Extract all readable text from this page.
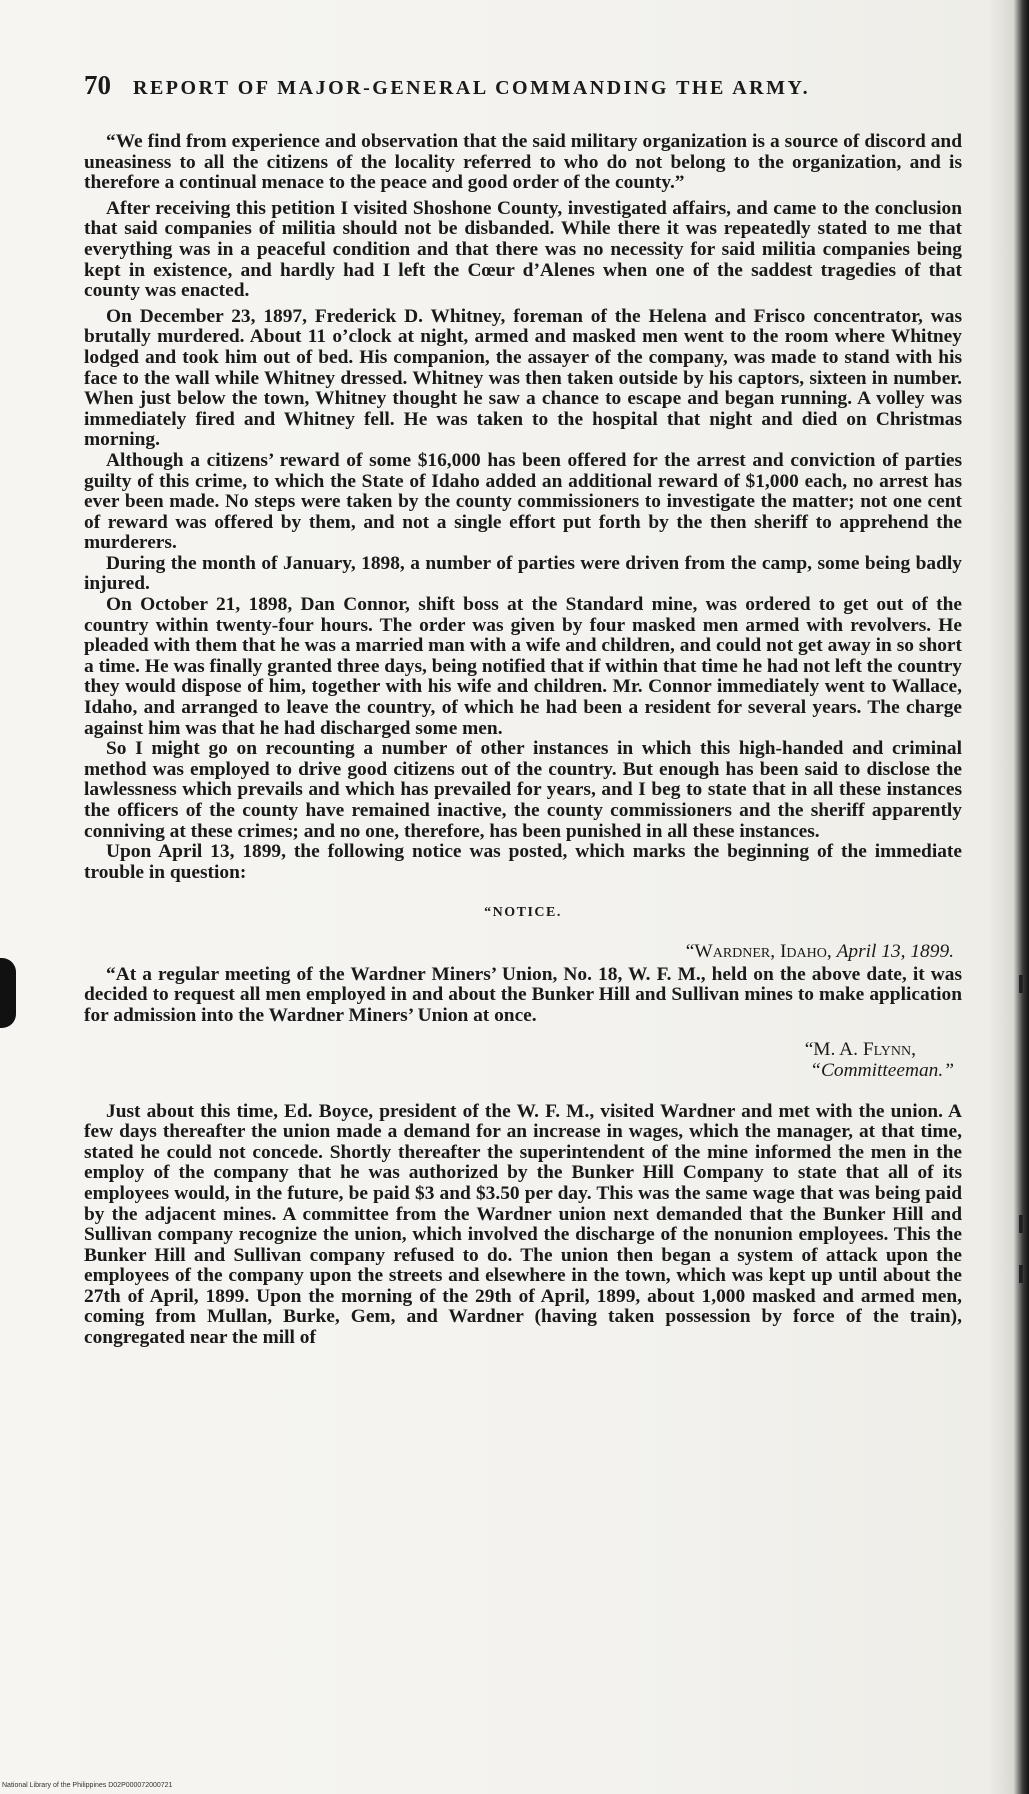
70 REPORT OF MAJOR-GENERAL COMMANDING THE ARMY.

“We find from experience and observation that the said military organization is a source of discord and uneasiness to all the citizens of the locality referred to who do not belong to the organization, and is therefore a continual menace to the peace and good order of the county.”

After receiving this petition I visited Shoshone County, investigated affairs, and came to the conclusion that said companies of militia should not be disbanded. While there it was repeatedly stated to me that everything was in a peaceful condition and that there was no necessity for said militia companies being kept in existence, and hardly had I left the Cœur d’Alenes when one of the saddest tragedies of that county was enacted.

On December 23, 1897, Frederick D. Whitney, foreman of the Helena and Frisco concentrator, was brutally murdered. About 11 o’clock at night, armed and masked men went to the room where Whitney lodged and took him out of bed. His companion, the assayer of the company, was made to stand with his face to the wall while Whitney dressed. Whitney was then taken outside by his captors, sixteen in number. When just below the town, Whitney thought he saw a chance to escape and began running. A volley was immediately fired and Whitney fell. He was taken to the hospital that night and died on Christmas morning.

Although a citizens’ reward of some $16,000 has been offered for the arrest and conviction of parties guilty of this crime, to which the State of Idaho added an additional reward of $1,000 each, no arrest has ever been made. No steps were taken by the county commissioners to investigate the matter; not one cent of reward was offered by them, and not a single effort put forth by the then sheriff to apprehend the murderers.

During the month of January, 1898, a number of parties were driven from the camp, some being badly injured.

On October 21, 1898, Dan Connor, shift boss at the Standard mine, was ordered to get out of the country within twenty-four hours. The order was given by four masked men armed with revolvers. He pleaded with them that he was a married man with a wife and children, and could not get away in so short a time. He was finally granted three days, being notified that if within that time he had not left the country they would dispose of him, together with his wife and children. Mr. Connor immediately went to Wallace, Idaho, and arranged to leave the country, of which he had been a resident for several years. The charge against him was that he had discharged some men.

So I might go on recounting a number of other instances in which this high-handed and criminal method was employed to drive good citizens out of the country. But enough has been said to disclose the lawlessness which prevails and which has prevailed for years, and I beg to state that in all these instances the officers of the county have remained inactive, the county commissioners and the sheriff apparently conniving at these crimes; and no one, therefore, has been punished in all these instances.

Upon April 13, 1899, the following notice was posted, which marks the beginning of the immediate trouble in question:

“NOTICE.
“Wardner, Idaho, April 13, 1899.

“At a regular meeting of the Wardner Miners’ Union, No. 18, W. F. M., held on the above date, it was decided to request all men employed in and about the Bunker Hill and Sullivan mines to make application for admission into the Wardner Miners’ Union at once.

“M. A. Flynn,
“Committeeman.”

Just about this time, Ed. Boyce, president of the W. F. M., visited Wardner and met with the union. A few days thereafter the union made a demand for an increase in wages, which the manager, at that time, stated he could not concede. Shortly thereafter the superintendent of the mine informed the men in the employ of the company that he was authorized by the Bunker Hill Company to state that all of its employees would, in the future, be paid $3 and $3.50 per day. This was the same wage that was being paid by the adjacent mines. A committee from the Wardner union next demanded that the Bunker Hill and Sullivan company recognize the union, which involved the discharge of the nonunion employees. This the Bunker Hill and Sullivan company refused to do. The union then began a system of attack upon the employees of the company upon the streets and elsewhere in the town, which was kept up until about the 27th of April, 1899. Upon the morning of the 29th of April, 1899, about 1,000 masked and armed men, coming from Mullan, Burke, Gem, and Wardner (having taken possession by force of the train), congregated near the mill of

National Library of the Philippines D02P000072000721
